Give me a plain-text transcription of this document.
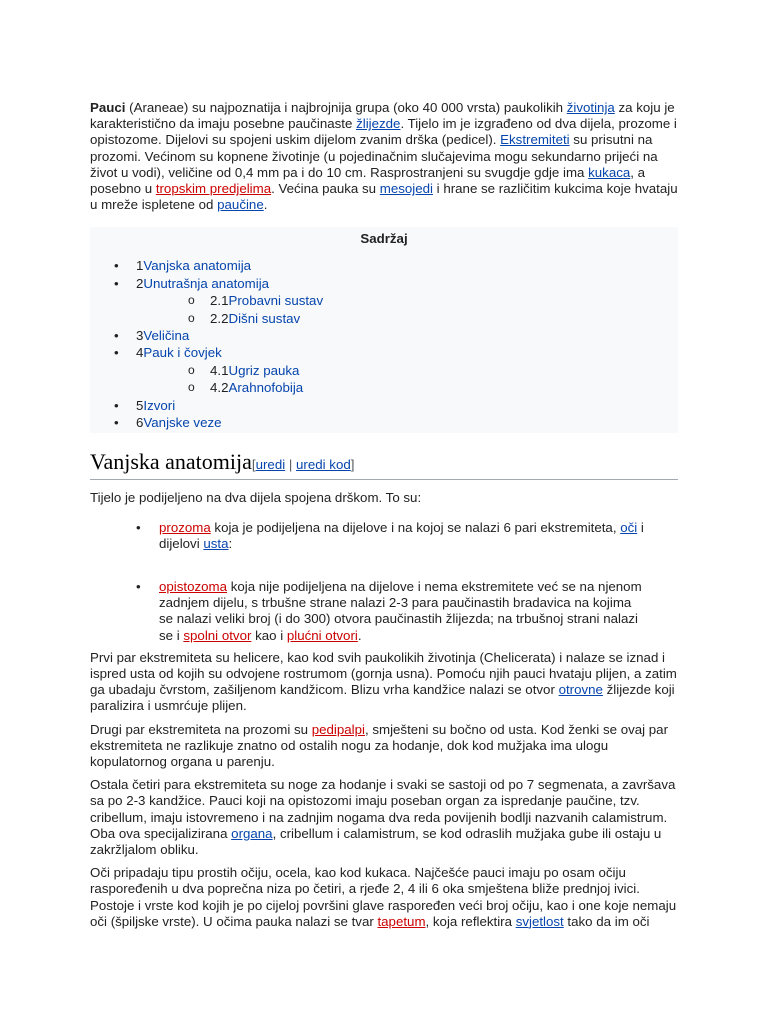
Pauci (Araneae) su najpoznatija i najbrojnija grupa (oko 40 000 vrsta) paukolikih životinja za koju je karakteristično da imaju posebne paučinaste žlijezde. Tijelo im je izgrađeno od dva dijela, prozome i opistozome. Dijelovi su spojeni uskim dijelom zvanim drška (pedicel). Ekstremiteti su prisutni na prozomi. Većinom su kopnene životinje (u pojedinačnim slučajevima mogu sekundarno prijeći na život u vodi), veličine od 0,4 mm pa i do 10 cm. Rasprostranjeni su svugdje gdje ima kukaca, a posebno u tropskim predjelima. Većina pauka su mesojedi i hrane se različitim kukcima koje hvataju u mreže ispletene od paučine.

Sadržaj
• 1Vanjska anatomija
• 2Unutrašnja anatomija
o 2.1Probavni sustav
o 2.2Dišni sustav
• 3Veličina
• 4Pauk i čovjek
o 4.1Ugriz pauka
o 4.2Arahnofobija
• 5Izvori
• 6Vanjske veze
Vanjska anatomija[uredi | uredi kod]

Tijelo je podijeljeno na dva dijela spojena drškom. To su:

• prozoma koja je podijeljena na dijelove i na kojoj se nalazi 6 pari ekstremiteta, oči i dijelovi usta:
• opistozoma koja nije podijeljena na dijelove i nema ekstremitete već se na njenom zadnjem dijelu, s trbušne strane nalazi 2-3 para paučinastih bradavica na kojima se nalazi veliki broj (i do 300) otvora paučinastih žlijezda; na trbušnoj strani nalazi se i spolni otvor kao i plućni otvori.

Prvi par ekstremiteta su helicere, kao kod svih paukolikih životinja (Chelicerata) i nalaze se iznad i ispred usta od kojih su odvojene rostrumom (gornja usna). Pomoću njih pauci hvataju plijen, a zatim ga ubadaju čvrstom, zašiljenom kandžicom. Blizu vrha kandžice nalazi se otvor otrovne žlijezde koji paralizira i usmrćuje plijen.

Drugi par ekstremiteta na prozomi su pedipalpi, smješteni su bočno od usta. Kod ženki se ovaj par ekstremiteta ne razlikuje znatno od ostalih nogu za hodanje, dok kod mužjaka ima ulogu kopulatornog organa u parenju.

Ostala četiri para ekstremiteta su noge za hodanje i svaki se sastoji od po 7 segmenata, a završava sa po 2-3 kandžice. Pauci koji na opistozomi imaju poseban organ za ispredanje paučine, tzv. cribellum, imaju istovremeno i na zadnjim nogama dva reda povijenih bodlji nazvanih calamistrum. Oba ova specijalizirana organa, cribellum i calamistrum, se kod odraslih mužjaka gube ili ostaju u zakržljalom obliku.

Oči pripadaju tipu prostih očiju, ocela, kao kod kukaca. Najčešće pauci imaju po osam očiju raspoređenih u dva poprečna niza po četiri, a rjeđe 2, 4 ili 6 oka smještena bliže prednjoj ivici. Postoje i vrste kod kojih je po cijeloj površini glave raspoređen veći broj očiju, kao i one koje nemaju oči (špiljske vrste). U očima pauka nalazi se tvar tapetum, koja reflektira svjetlost tako da im oči
